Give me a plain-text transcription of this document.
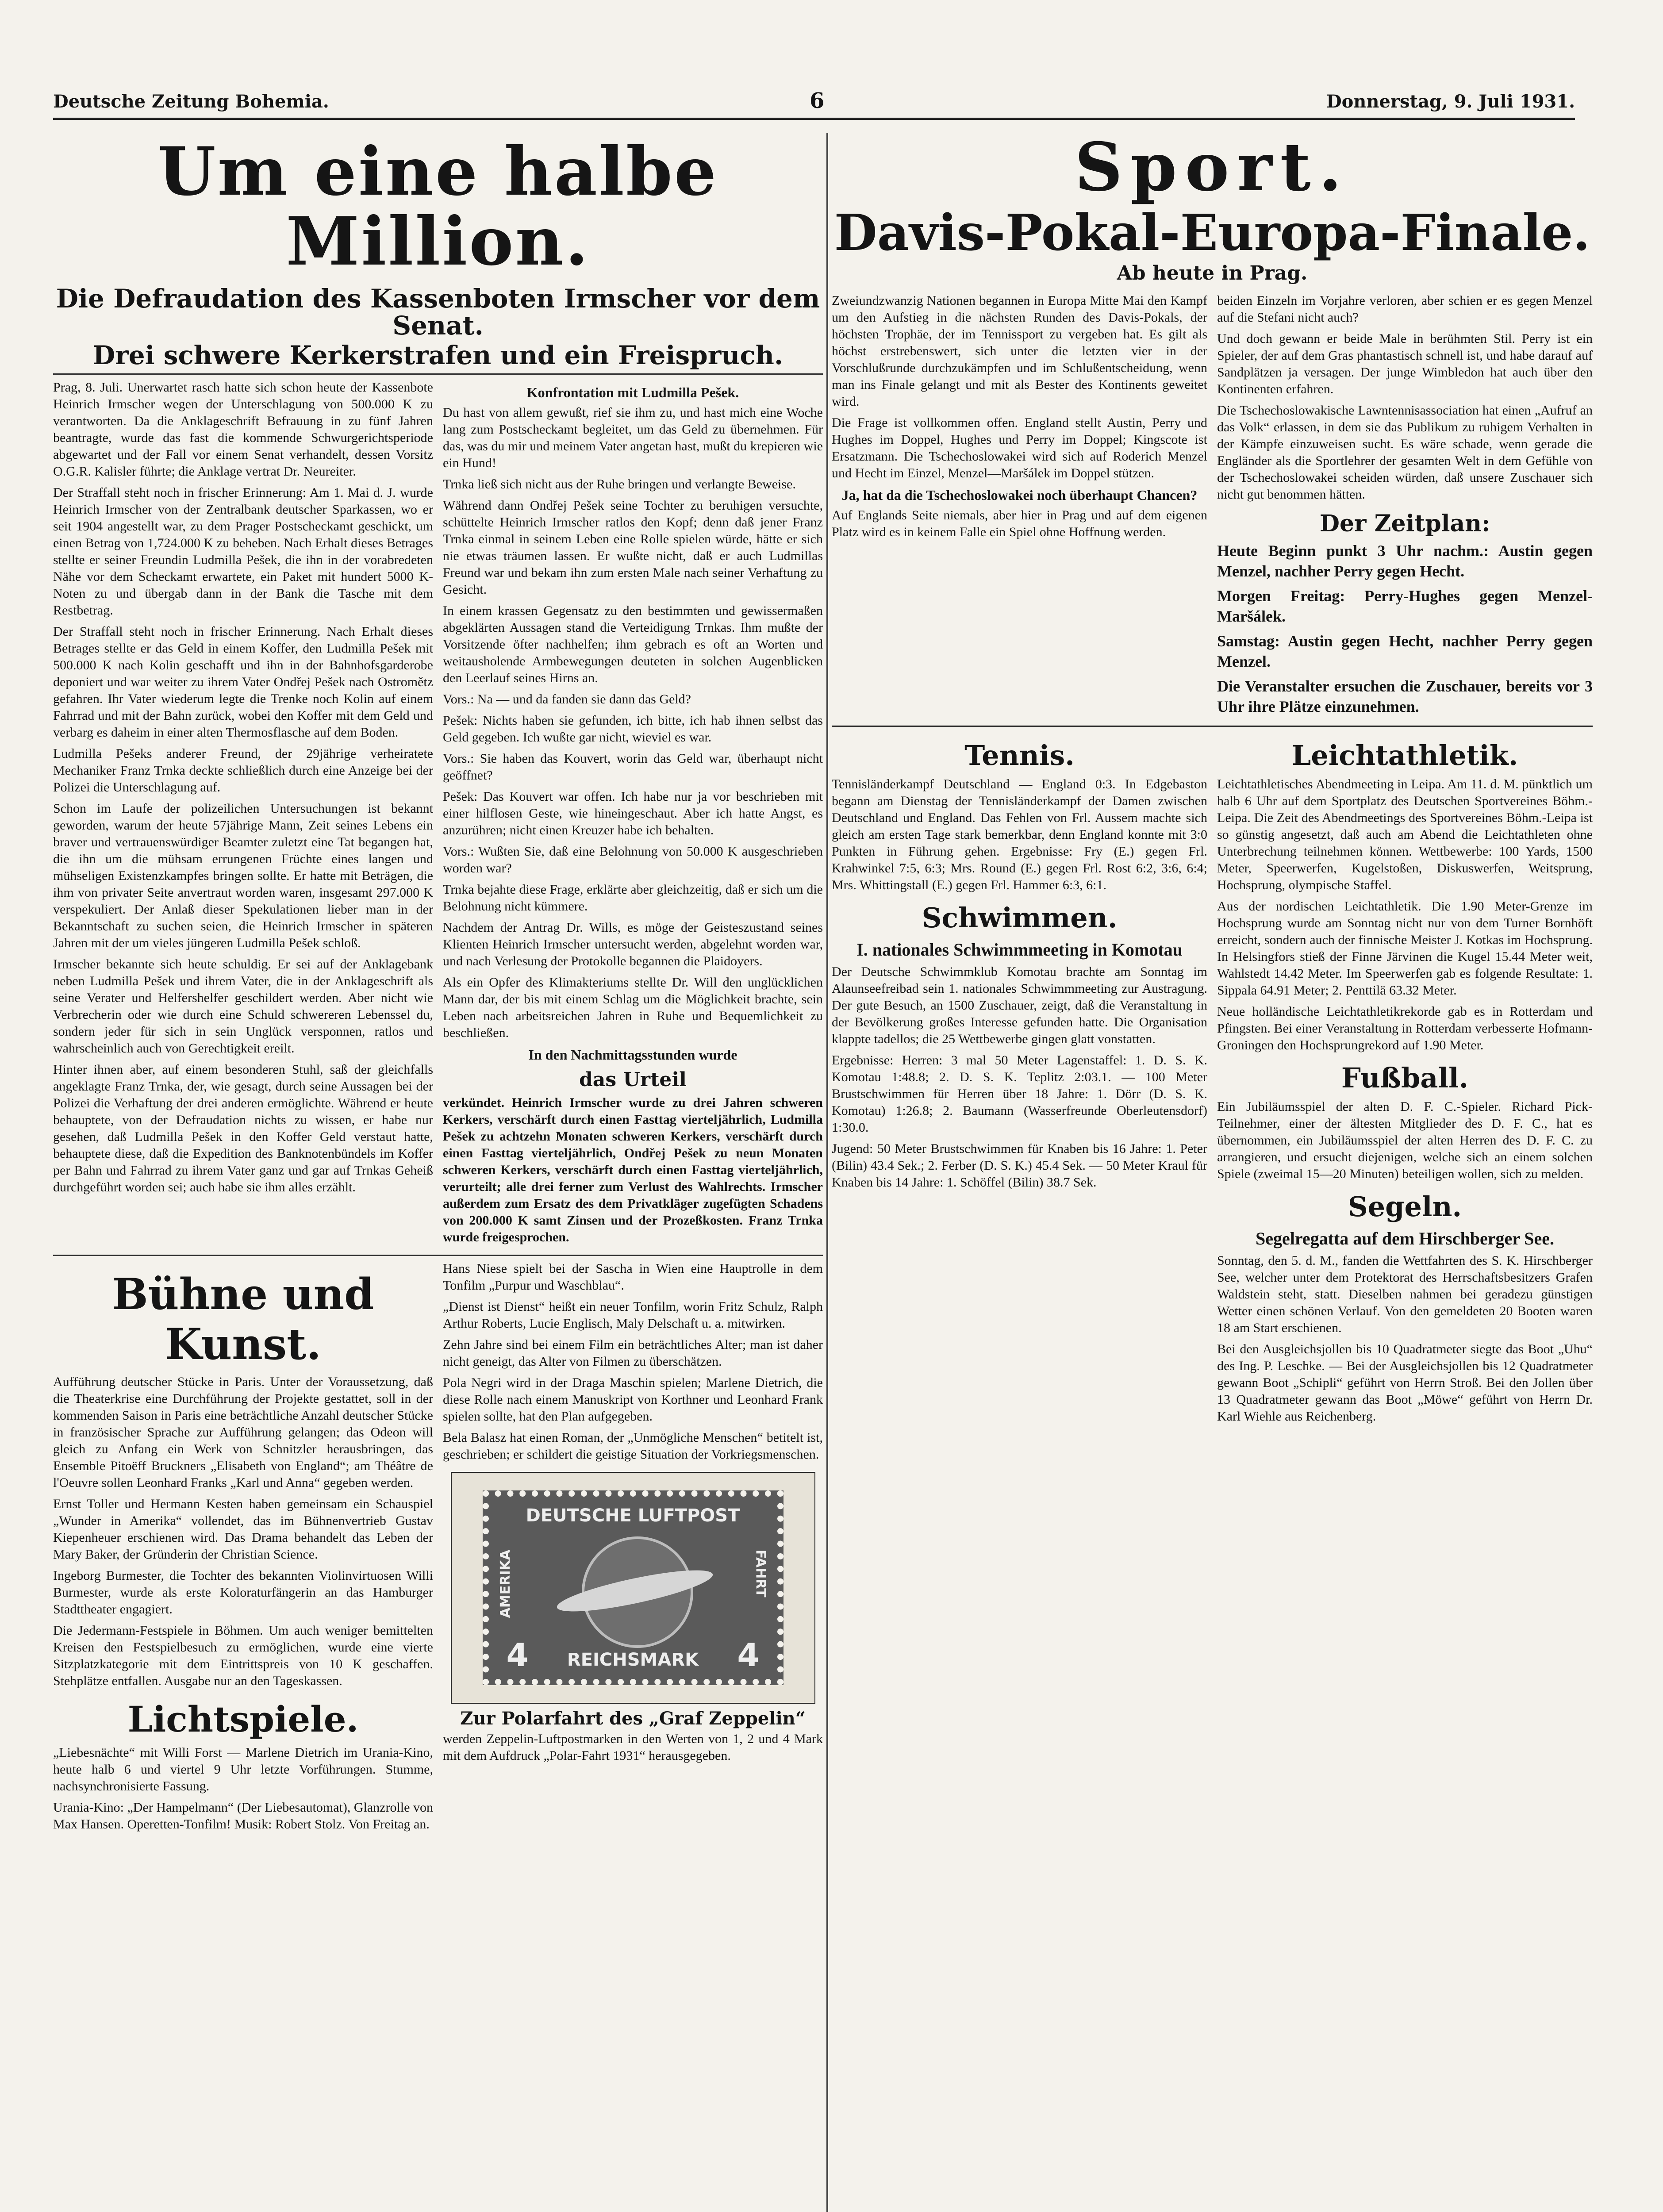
Deutsche Zeitung Bohemia.	6	Donnerstag, 9. Juli 1931.
Um eine halbe Million.
Die Defraudation des Kassenboten Irmscher vor dem Senat.
Drei schwere Kerkerstrafen und ein Freispruch.

Prag, 8. Juli. Unerwartet rasch hatte sich schon heute der Kassenbote Heinrich Irmscher wegen der Unterschlagung von 500.000 K zu verantworten. Da die Anklageschrift Befrauung in zu fünf Jahren beantragte, wurde das fast die kommende Schwurgerichtsperiode abgewartet und der Fall vor einem Senat verhandelt, dessen Vorsitz O.G.R. Kalisler führte; die Anklage vertrat Dr. Neureiter.

Der Straffall steht noch in frischer Erinnerung: Am 1. Mai d. J. wurde Heinrich Irmscher von der Zentralbank deutscher Sparkassen, wo er seit 1904 angestellt war, zu dem Prager Postscheckamt geschickt, um einen Betrag von 1,724.000 K zu beheben. Nach Erhalt dieses Betrages stellte er seiner Freundin Ludmilla Pešek, die ihn in der vorabredeten Nähe vor dem Scheckamt erwartete, ein Paket mit hundert 5000 K-Noten zu und übergab dann in der Bank die Tasche mit dem Restbetrag.

Der Straffall steht noch in frischer Erinnerung. Nach Erhalt dieses Betrages stellte er das Geld in einem Koffer, den Ludmilla Pešek mit 500.000 K nach Kolin geschafft und ihn in der Bahnhofsgarderobe deponiert und war weiter zu ihrem Vater Ondřej Pešek nach Ostromětz gefahren. Ihr Vater wiederum legte die Trenke noch Kolin auf einem Fahrrad und mit der Bahn zurück, wobei den Koffer mit dem Geld und verbarg es daheim in einer alten Thermosflasche auf dem Boden.

Ludmilla Pešeks anderer Freund, der 29jährige verheiratete Mechaniker Franz Trnka deckte schließlich durch eine Anzeige bei der Polizei die Unterschlagung auf.

Schon im Laufe der polizeilichen Untersuchungen ist bekannt geworden, warum der heute 57jährige Mann, Zeit seines Lebens ein braver und vertrauenswürdiger Beamter zuletzt eine Tat begangen hat, die ihn um die mühsam errungenen Früchte eines langen und mühseligen Existenzkampfes bringen sollte. Er hatte mit Beträgen, die ihm von privater Seite anvertraut worden waren, insgesamt 297.000 K verspekuliert. Der Anlaß dieser Spekulationen lieber man in der Bekanntschaft zu suchen seien, die Heinrich Irmscher in späteren Jahren mit der um vieles jüngeren Ludmilla Pešek schloß.

Irmscher bekannte sich heute schuldig. Er sei auf der Anklagebank neben Ludmilla Pešek und ihrem Vater, die in der Anklageschrift als seine Verater und Helfershelfer geschildert werden. Aber nicht wie Verbrecherin oder wie durch eine Schuld schwereren Lebenssel du, sondern jeder für sich in sein Unglück versponnen, ratlos und wahrscheinlich auch von Gerechtigkeit ereilt.

Hinter ihnen aber, auf einem besonderen Stuhl, saß der gleichfalls angeklagte Franz Trnka, der, wie gesagt, durch seine Aussagen bei der Polizei die Verhaftung der drei anderen ermöglichte. Während er heute behauptete, von der Defraudation nichts zu wissen, er habe nur gesehen, daß Ludmilla Pešek in den Koffer Geld verstaut hatte, behauptete diese, daß die Expedition des Banknotenbündels im Koffer per Bahn und Fahrrad zu ihrem Vater ganz und gar auf Trnkas Geheiß durchgeführt worden sei; auch habe sie ihm alles erzählt.

Konfrontation mit Ludmilla Pešek.

Du hast von allem gewußt, rief sie ihm zu, und hast mich eine Woche lang zum Postscheckamt begleitet, um das Geld zu übernehmen. Für das, was du mir und meinem Vater angetan hast, mußt du krepieren wie ein Hund!

Trnka ließ sich nicht aus der Ruhe bringen und verlangte Beweise.

Während dann Ondřej Pešek seine Tochter zu beruhigen versuchte, schüttelte Heinrich Irmscher ratlos den Kopf; denn daß jener Franz Trnka einmal in seinem Leben eine Rolle spielen würde, hätte er sich nie etwas träumen lassen. Er wußte nicht, daß er auch Ludmillas Freund war und bekam ihn zum ersten Male nach seiner Verhaftung zu Gesicht.

In einem krassen Gegensatz zu den bestimmten und gewissermaßen abgeklärten Aussagen stand die Verteidigung Trnkas. Ihm mußte der Vorsitzende öfter nachhelfen; ihm gebrach es oft an Worten und weitausholende Armbewegungen deuteten in solchen Augenblicken den Leerlauf seines Hirns an.

Vors.: Na — und da fanden sie dann das Geld?

Pešek: Nichts haben sie gefunden, ich bitte, ich hab ihnen selbst das Geld gegeben. Ich wußte gar nicht, wieviel es war.

Vors.: Sie haben das Kouvert, worin das Geld war, überhaupt nicht geöffnet?

Pešek: Das Kouvert war offen. Ich habe nur ja vor beschrieben mit einer hilflosen Geste, wie hineingeschaut. Aber ich hatte Angst, es anzurühren; nicht einen Kreuzer habe ich behalten.

Vors.: Wußten Sie, daß eine Belohnung von 50.000 K ausgeschrieben worden war?

Trnka bejahte diese Frage, erklärte aber gleichzeitig, daß er sich um die Belohnung nicht kümmere.

Nachdem der Antrag Dr. Wills, es möge der Geisteszustand seines Klienten Heinrich Irmscher untersucht werden, abgelehnt worden war, und nach Verlesung der Protokolle begannen die Plaidoyers.

Als ein Opfer des Klimakteriums stellte Dr. Will den unglücklichen Mann dar, der bis mit einem Schlag um die Möglichkeit brachte, sein Leben nach arbeitsreichen Jahren in Ruhe und Bequemlichkeit zu beschließen.

In den Nachmittagsstunden wurde
das Urteil

verkündet. Heinrich Irmscher wurde zu drei Jahren schweren Kerkers, verschärft durch einen Fasttag vierteljährlich, Ludmilla Pešek zu achtzehn Monaten schweren Kerkers, verschärft durch einen Fasttag vierteljährlich, Ondřej Pešek zu neun Monaten schweren Kerkers, verschärft durch einen Fasttag vierteljährlich, verurteilt; alle drei ferner zum Verlust des Wahlrechts. Irmscher außerdem zum Ersatz des dem Privatkläger zugefügten Schadens von 200.000 K samt Zinsen und der Prozeßkosten. Franz Trnka wurde freigesprochen.

Bühne und Kunst.

Aufführung deutscher Stücke in Paris. Unter der Voraussetzung, daß die Theaterkrise eine Durchführung der Projekte gestattet, soll in der kommenden Saison in Paris eine beträchtliche Anzahl deutscher Stücke in französischer Sprache zur Aufführung gelangen; das Odeon will gleich zu Anfang ein Werk von Schnitzler herausbringen, das Ensemble Pitoëff Bruckners „Elisabeth von England“; am Théâtre de l'Oeuvre sollen Leonhard Franks „Karl und Anna“ gegeben werden.

Ernst Toller und Hermann Kesten haben gemeinsam ein Schauspiel „Wunder in Amerika“ vollendet, das im Bühnenvertrieb Gustav Kiepenheuer erschienen wird. Das Drama behandelt das Leben der Mary Baker, der Gründerin der Christian Science.

Ingeborg Burmester, die Tochter des bekannten Violinvirtuosen Willi Burmester, wurde als erste Koloraturfängerin an das Hamburger Stadttheater engagiert.

Die Jedermann-Festspiele in Böhmen. Um auch weniger bemittelten Kreisen den Festspielbesuch zu ermöglichen, wurde eine vierte Sitzplatzkategorie mit dem Eintrittspreis von 10 K geschaffen. Stehplätze entfallen. Ausgabe nur an den Tageskassen.

Lichtspiele.

„Liebesnächte“ mit Willi Forst — Marlene Dietrich im Urania-Kino, heute halb 6 und viertel 9 Uhr letzte Vorführungen. Stumme, nachsynchronisierte Fassung.

Urania-Kino: „Der Hampelmann“ (Der Liebesautomat), Glanzrolle von Max Hansen. Operetten-Tonfilm! Musik: Robert Stolz. Von Freitag an.

Hans Niese spielt bei der Sascha in Wien eine Hauptrolle in dem Tonfilm „Purpur und Waschblau“.

„Dienst ist Dienst“ heißt ein neuer Tonfilm, worin Fritz Schulz, Ralph Arthur Roberts, Lucie Englisch, Maly Delschaft u. a. mitwirken.

Zehn Jahre sind bei einem Film ein beträchtliches Alter; man ist daher nicht geneigt, das Alter von Filmen zu überschätzen.

Pola Negri wird in der Draga Maschin spielen; Marlene Dietrich, die diese Rolle nach einem Manuskript von Korthner und Leonhard Frank spielen sollte, hat den Plan aufgegeben.

Bela Balasz hat einen Roman, der „Unmögliche Menschen“ betitelt ist, geschrieben; er schildert die geistige Situation der Vorkriegsmenschen.

DEUTSCHE LUFTPOST
AMERIKA	FAHRT
4	4
REICHSMARK
Zur Polarfahrt des „Graf Zeppelin“

werden Zeppelin-Luftpostmarken in den Werten von 1, 2 und 4 Mark mit dem Aufdruck „Polar-Fahrt 1931“ herausgegeben.

Sport.
Davis-Pokal-Europa-Finale.
Ab heute in Prag.

Zweiundzwanzig Nationen begannen in Europa Mitte Mai den Kampf um den Aufstieg in die nächsten Runden des Davis-Pokals, der höchsten Trophäe, der im Tennissport zu vergeben hat. Es gilt als höchst erstrebenswert, sich unter die letzten vier in der Vorschlußrunde durchzukämpfen und im Schlußentscheidung, wenn man ins Finale gelangt und mit als Bester des Kontinents geweitet wird.

Die Frage ist vollkommen offen. England stellt Austin, Perry und Hughes im Doppel, Hughes und Perry im Doppel; Kingscote ist Ersatzmann. Die Tschechoslowakei wird sich auf Roderich Menzel und Hecht im Einzel, Menzel—Maršálek im Doppel stützen.

Ja, hat da die Tschechoslowakei noch überhaupt Chancen?

Auf Englands Seite niemals, aber hier in Prag und auf dem eigenen Platz wird es in keinem Falle ein Spiel ohne Hoffnung werden.

beiden Einzeln im Vorjahre verloren, aber schien er es gegen Menzel auf die Stefani nicht auch?

Und doch gewann er beide Male in berühmten Stil. Perry ist ein Spieler, der auf dem Gras phantastisch schnell ist, und habe darauf auf Sandplätzen ja versagen. Der junge Wimbledon hat auch über den Kontinenten erfahren.

Die Tschechoslowakische Lawntennisassociation hat einen „Aufruf an das Volk“ erlassen, in dem sie das Publikum zu ruhigem Verhalten in der Kämpfe einzuweisen sucht. Es wäre schade, wenn gerade die Engländer als die Sportlehrer der gesamten Welt in dem Gefühle von der Tschechoslowakei scheiden würden, daß unsere Zuschauer sich nicht gut benommen hätten.

Der Zeitplan:

Heute Beginn punkt 3 Uhr nachm.: Austin gegen Menzel, nachher Perry gegen Hecht.

Morgen Freitag: Perry-Hughes gegen Menzel-Maršálek.

Samstag: Austin gegen Hecht, nachher Perry gegen Menzel.

Die Veranstalter ersuchen die Zuschauer, bereits vor 3 Uhr ihre Plätze einzunehmen.

Tennis.

Tennisländerkampf Deutschland — England 0:3. In Edgebaston begann am Dienstag der Tennisländerkampf der Damen zwischen Deutschland und England. Das Fehlen von Frl. Aussem machte sich gleich am ersten Tage stark bemerkbar, denn England konnte mit 3:0 Punkten in Führung gehen. Ergebnisse: Fry (E.) gegen Frl. Krahwinkel 7:5, 6:3; Mrs. Round (E.) gegen Frl. Rost 6:2, 3:6, 6:4; Mrs. Whittingstall (E.) gegen Frl. Hammer 6:3, 6:1.

Schwimmen.
I. nationales Schwimmmeeting in Komotau

Der Deutsche Schwimmklub Komotau brachte am Sonntag im Alaunseefreibad sein 1. nationales Schwimmmeeting zur Austragung. Der gute Besuch, an 1500 Zuschauer, zeigt, daß die Veranstaltung in der Bevölkerung großes Interesse gefunden hatte. Die Organisation klappte tadellos; die 25 Wettbewerbe gingen glatt vonstatten.

Ergebnisse: Herren: 3 mal 50 Meter Lagenstaffel: 1. D. S. K. Komotau 1:48.8; 2. D. S. K. Teplitz 2:03.1. — 100 Meter Brustschwimmen für Herren über 18 Jahre: 1. Dörr (D. S. K. Komotau) 1:26.8; 2. Baumann (Wasserfreunde Oberleutensdorf) 1:30.0.

Jugend: 50 Meter Brustschwimmen für Knaben bis 16 Jahre: 1. Peter (Bilin) 43.4 Sek.; 2. Ferber (D. S. K.) 45.4 Sek. — 50 Meter Kraul für Knaben bis 14 Jahre: 1. Schöffel (Bilin) 38.7 Sek.

Leichtathletik.

Leichtathletisches Abendmeeting in Leipa. Am 11. d. M. pünktlich um halb 6 Uhr auf dem Sportplatz des Deutschen Sportvereines Böhm.-Leipa. Die Zeit des Abendmeetings des Sportvereines Böhm.-Leipa ist so günstig angesetzt, daß auch am Abend die Leichtathleten ohne Unterbrechung teilnehmen können. Wettbewerbe: 100 Yards, 1500 Meter, Speerwerfen, Kugelstoßen, Diskuswerfen, Weitsprung, Hochsprung, olympische Staffel.

Aus der nordischen Leichtathletik. Die 1.90 Meter-Grenze im Hochsprung wurde am Sonntag nicht nur von dem Turner Bornhöft erreicht, sondern auch der finnische Meister J. Kotkas im Hochsprung. In Helsingfors stieß der Finne Järvinen die Kugel 15.44 Meter weit, Wahlstedt 14.42 Meter. Im Speerwerfen gab es folgende Resultate: 1. Sippala 64.91 Meter; 2. Penttilä 63.32 Meter.

Neue holländische Leichtathletikrekorde gab es in Rotterdam und Pfingsten. Bei einer Veranstaltung in Rotterdam verbesserte Hofmann-Groningen den Hochsprungrekord auf 1.90 Meter.

Fußball.

Ein Jubiläumsspiel der alten D. F. C.-Spieler. Richard Pick-Teilnehmer, einer der ältesten Mitglieder des D. F. C., hat es übernommen, ein Jubiläumsspiel der alten Herren des D. F. C. zu arrangieren, und ersucht diejenigen, welche sich an einem solchen Spiele (zweimal 15—20 Minuten) beteiligen wollen, sich zu melden.

Segeln.
Segelregatta auf dem Hirschberger See.

Sonntag, den 5. d. M., fanden die Wettfahrten des S. K. Hirschberger See, welcher unter dem Protektorat des Herrschaftsbesitzers Grafen Waldstein steht, statt. Dieselben nahmen bei geradezu günstigen Wetter einen schönen Verlauf. Von den gemeldeten 20 Booten waren 18 am Start erschienen.

Bei den Ausgleichsjollen bis 10 Quadratmeter siegte das Boot „Uhu“ des Ing. P. Leschke. — Bei der Ausgleichsjollen bis 12 Quadratmeter gewann Boot „Schipli“ geführt von Herrn Stroß. Bei den Jollen über 13 Quadratmeter gewann das Boot „Möwe“ geführt von Herrn Dr. Karl Wiehle aus Reichenberg.
